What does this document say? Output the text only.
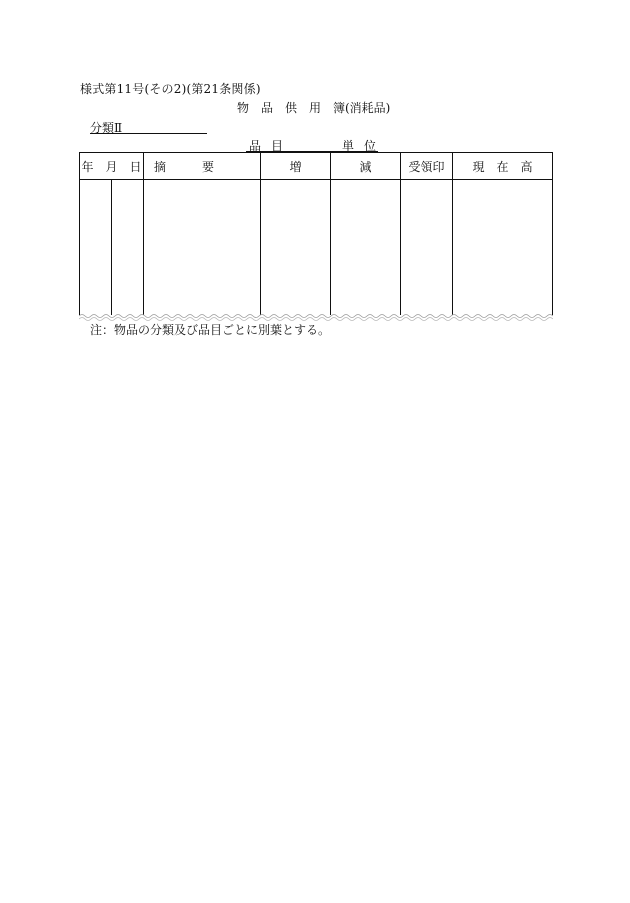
様式第11号(その2)(第21条関係)
物　品　供　用　簿(消耗品)
分類Ⅱ
品目	単位
年　月　日		摘要	増	減	受領印	現　在　高

注：物品の分類及び品目ごとに別葉とする。
